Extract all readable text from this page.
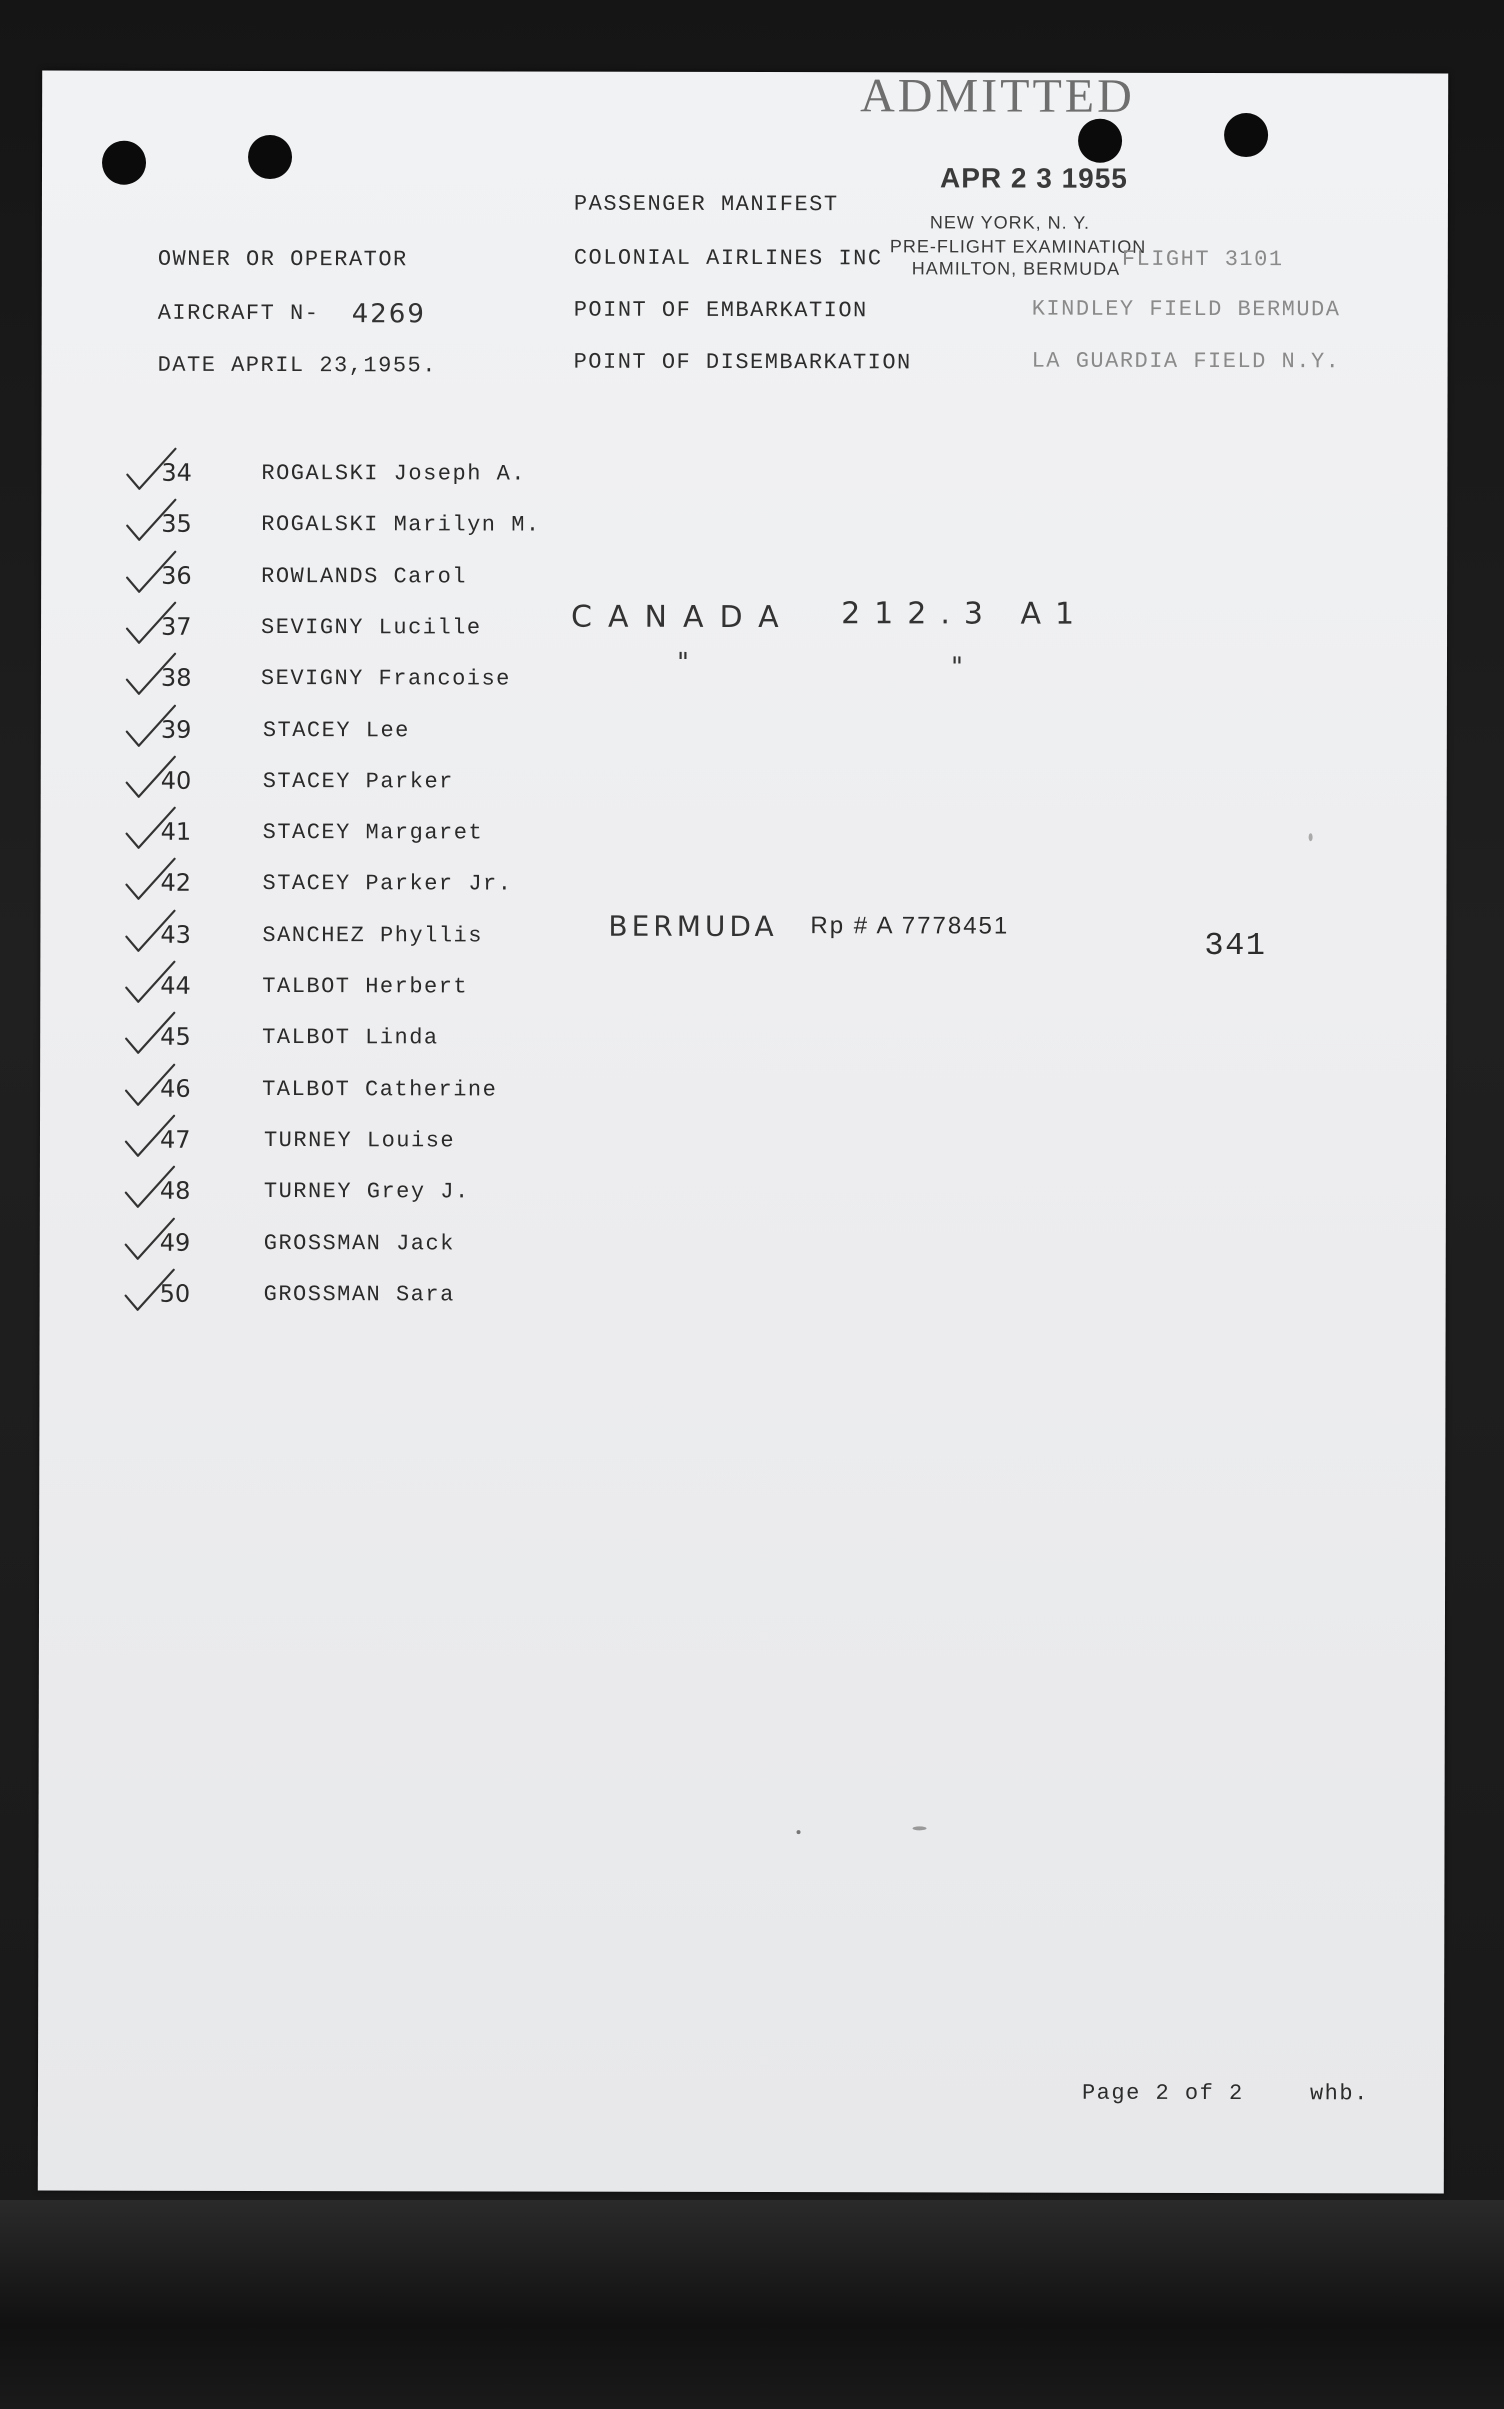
ADMITTED
APR 2 3 1955
NEW YORK, N. Y.
PRE-FLIGHT EXAMINATION
HAMILTON, BERMUDA
PASSENGER MANIFEST
OWNER OR OPERATOR	COLONIAL AIRLINES INC	FLIGHT 3101
AIRCRAFT N- 4269	POINT OF EMBARKATION	KINDLEY FIELD BERMUDA
DATE APRIL 23,1955.	POINT OF DISEMBARKATION	LA GUARDIA FIELD N.Y.
34	ROGALSKI Joseph A.
35	ROGALSKI Marilyn M.
36	ROWLANDS Carol
37	SEVIGNY Lucille
38	SEVIGNY Francoise
39	STACEY Lee
40	STACEY Parker
41	STACEY Margaret
42	STACEY Parker Jr.
43	SANCHEZ Phyllis
44	TALBOT Herbert
45	TALBOT Linda
46	TALBOT Catherine
47	TURNEY Louise
48	TURNEY Grey J.
49	GROSSMAN Jack
50	GROSSMAN Sara
CANADA 212.3 A1
"	"
BERMUDA Rp # A 7778451
341
Page 2 of 2	whb.
